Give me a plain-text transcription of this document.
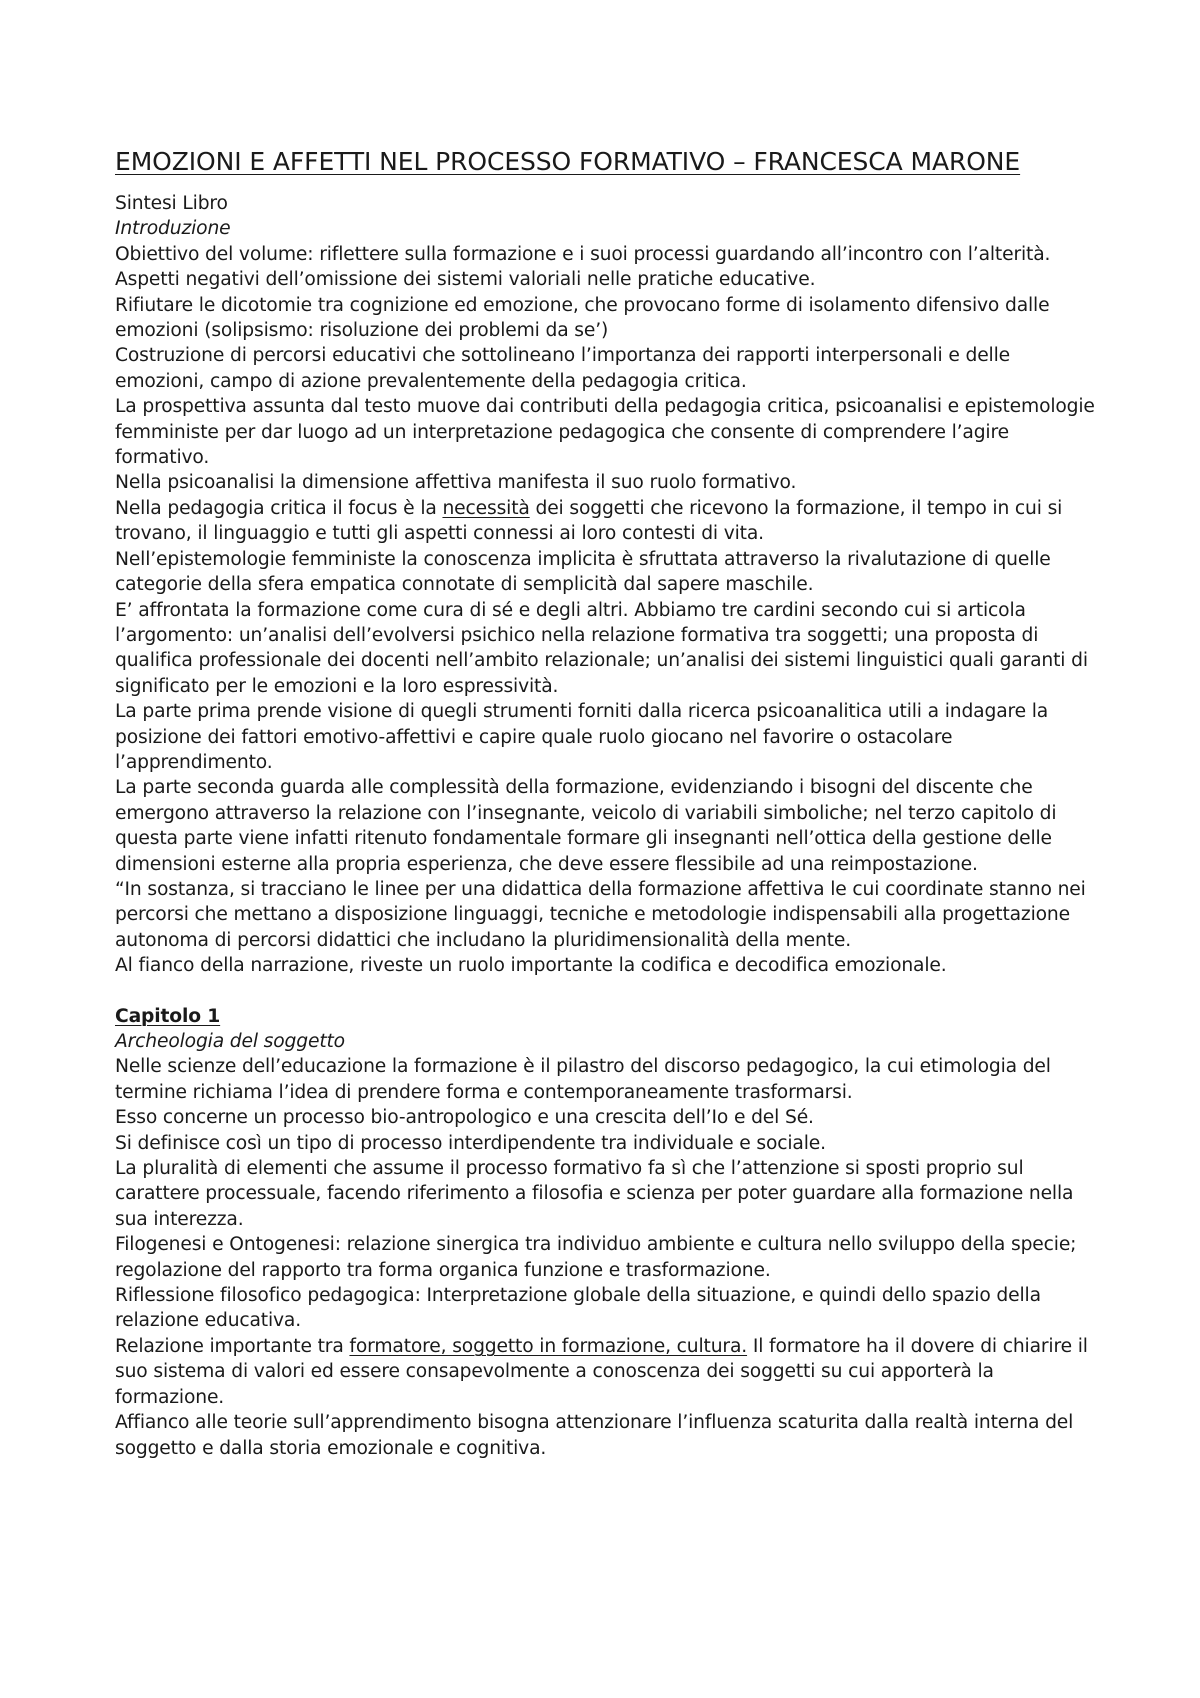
EMOZIONI E AFFETTI NEL PROCESSO FORMATIVO – FRANCESCA MARONE

Sintesi Libro

Introduzione

Obiettivo del volume: riflettere sulla formazione e i suoi processi guardando all’incontro con l’alterità.

Aspetti negativi dell’omissione dei sistemi valoriali nelle pratiche educative.

Rifiutare le dicotomie tra cognizione ed emozione, che provocano forme di isolamento difensivo dalle emozioni (solipsismo: risoluzione dei problemi da se’)

Costruzione di percorsi educativi che sottolineano l’importanza dei rapporti interpersonali e delle emozioni, campo di azione prevalentemente della pedagogia critica.

La prospettiva assunta dal testo muove dai contributi della pedagogia critica, psicoanalisi e epistemologie femministe per dar luogo ad un interpretazione pedagogica che consente di comprendere l’agire formativo.

Nella psicoanalisi la dimensione affettiva manifesta il suo ruolo formativo.

Nella pedagogia critica il focus è la necessità dei soggetti che ricevono la formazione, il tempo in cui si trovano, il linguaggio e tutti gli aspetti connessi ai loro contesti di vita.

Nell’epistemologie femministe la conoscenza implicita è sfruttata attraverso la rivalutazione di quelle categorie della sfera empatica connotate di semplicità dal sapere maschile.

E’ affrontata la formazione come cura di sé e degli altri. Abbiamo tre cardini secondo cui si articola l’argomento: un’analisi dell’evolversi psichico nella relazione formativa tra soggetti; una proposta di qualifica professionale dei docenti nell’ambito relazionale; un’analisi dei sistemi linguistici quali garanti di significato per le emozioni e la loro espressività.

La parte prima prende visione di quegli strumenti forniti dalla ricerca psicoanalitica utili a indagare la posizione dei fattori emotivo-affettivi e capire quale ruolo giocano nel favorire o ostacolare l’apprendimento.

La parte seconda guarda alle complessità della formazione, evidenziando i bisogni del discente che emergono attraverso la relazione con l’insegnante, veicolo di variabili simboliche; nel terzo capitolo di questa parte viene infatti ritenuto fondamentale formare gli insegnanti nell’ottica della gestione delle dimensioni esterne alla propria esperienza, che deve essere flessibile ad una reimpostazione.

“In sostanza, si tracciano le linee per una didattica della formazione affettiva le cui coordinate stanno nei percorsi che mettano a disposizione linguaggi, tecniche e metodologie indispensabili alla progettazione autonoma di percorsi didattici che includano la pluridimensionalità della mente.

Al fianco della narrazione, riveste un ruolo importante la codifica e decodifica emozionale.

Capitolo 1

Archeologia del soggetto

Nelle scienze dell’educazione la formazione è il pilastro del discorso pedagogico, la cui etimologia del termine richiama l’idea di prendere forma e contemporaneamente trasformarsi.

Esso concerne un processo bio-antropologico e una crescita dell’Io e del Sé.

Si definisce così un tipo di processo interdipendente tra individuale e sociale.

La pluralità di elementi che assume il processo formativo fa sì che l’attenzione si sposti proprio sul carattere processuale, facendo riferimento a filosofia e scienza per poter guardare alla formazione nella sua interezza.

Filogenesi e Ontogenesi: relazione sinergica tra individuo ambiente e cultura nello sviluppo della specie; regolazione del rapporto tra forma organica funzione e trasformazione.

Riflessione filosofico pedagogica: Interpretazione globale della situazione, e quindi dello spazio della relazione educativa.

Relazione importante tra formatore, soggetto in formazione, cultura. Il formatore ha il dovere di chiarire il suo sistema di valori ed essere consapevolmente a conoscenza dei soggetti su cui apporterà la formazione.

Affianco alle teorie sull’apprendimento bisogna attenzionare l’influenza scaturita dalla realtà interna del soggetto e dalla storia emozionale e cognitiva.
